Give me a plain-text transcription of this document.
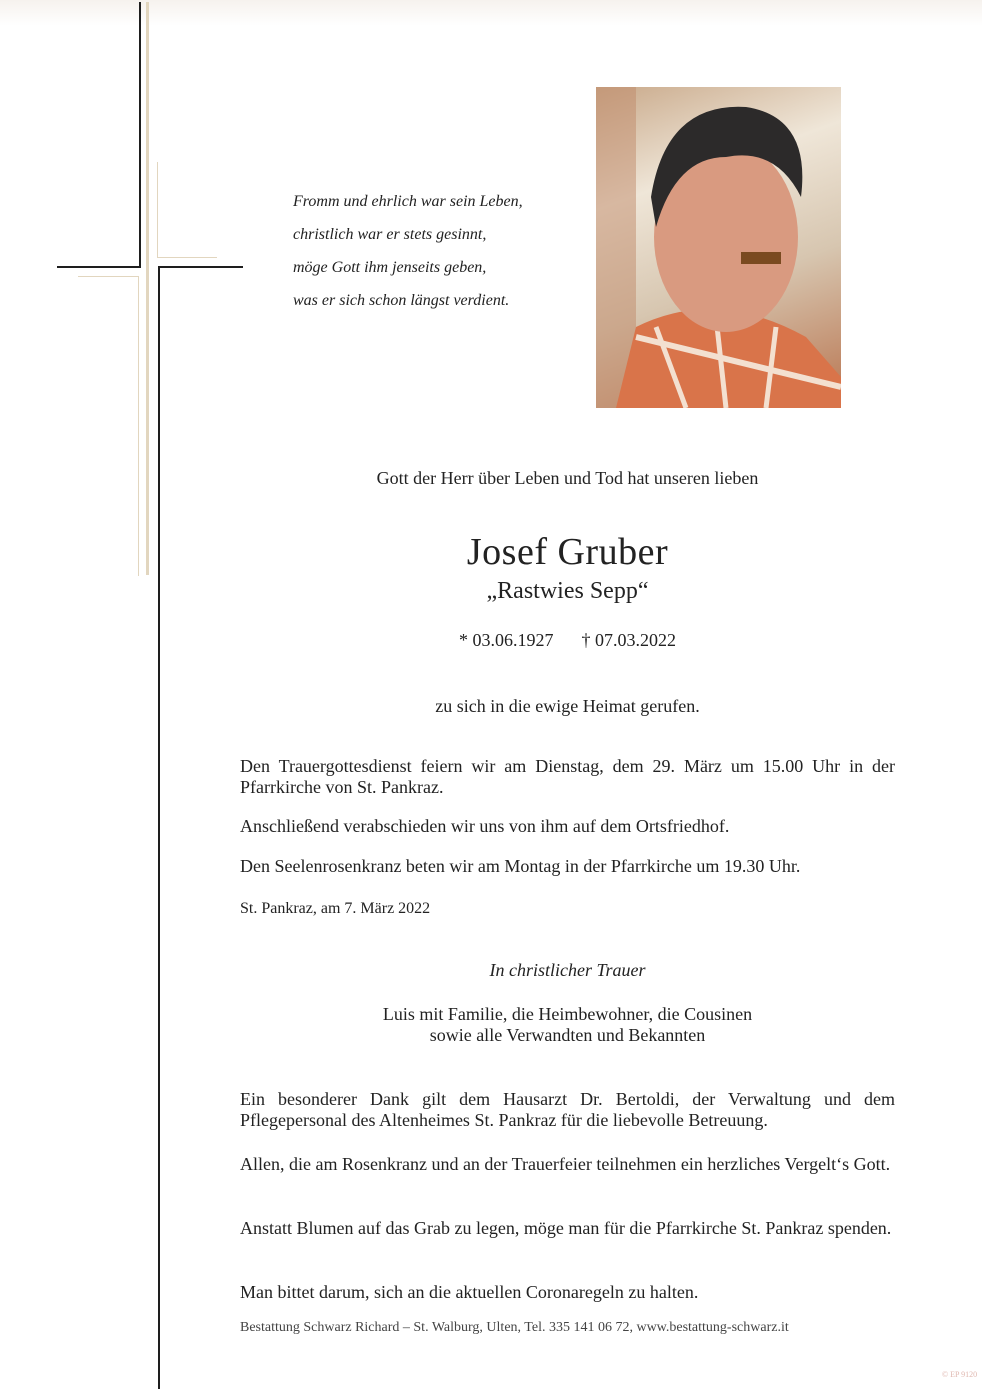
Fromm und ehrlich war sein Leben,
christlich war er stets gesinnt,
möge Gott ihm jenseits geben,
was er sich schon längst verdient.
Gott der Herr über Leben und Tod hat unseren lieben
Josef Gruber
„Rastwies Sepp“
* 03.06.1927 † 07.03.2022
zu sich in die ewige Heimat gerufen.
Den Trauergottesdienst feiern wir am Dienstag, dem 29. März um 15.00 Uhr in der Pfarrkirche von St. Pankraz.
Anschließend verabschieden wir uns von ihm auf dem Ortsfriedhof.
Den Seelenrosenkranz beten wir am Montag in der Pfarrkirche um 19.30 Uhr.
St. Pankraz, am 7. März 2022
In christlicher Trauer
Luis mit Familie, die Heimbewohner, die Cousinen
sowie alle Verwandten und Bekannten
Ein besonderer Dank gilt dem Hausarzt Dr. Bertoldi, der Verwaltung und dem Pflegepersonal des Altenheimes St. Pankraz für die liebevolle Betreuung.
Allen, die am Rosenkranz und an der Trauerfeier teilnehmen ein herzliches Vergelt‘s Gott.
Anstatt Blumen auf das Grab zu legen, möge man für die Pfarrkirche St. Pankraz spenden.
Man bittet darum, sich an die aktuellen Coronaregeln zu halten.
Bestattung Schwarz Richard – St. Walburg, Ulten, Tel. 335 141 06 72, www.bestattung-schwarz.it
© EP 9120
